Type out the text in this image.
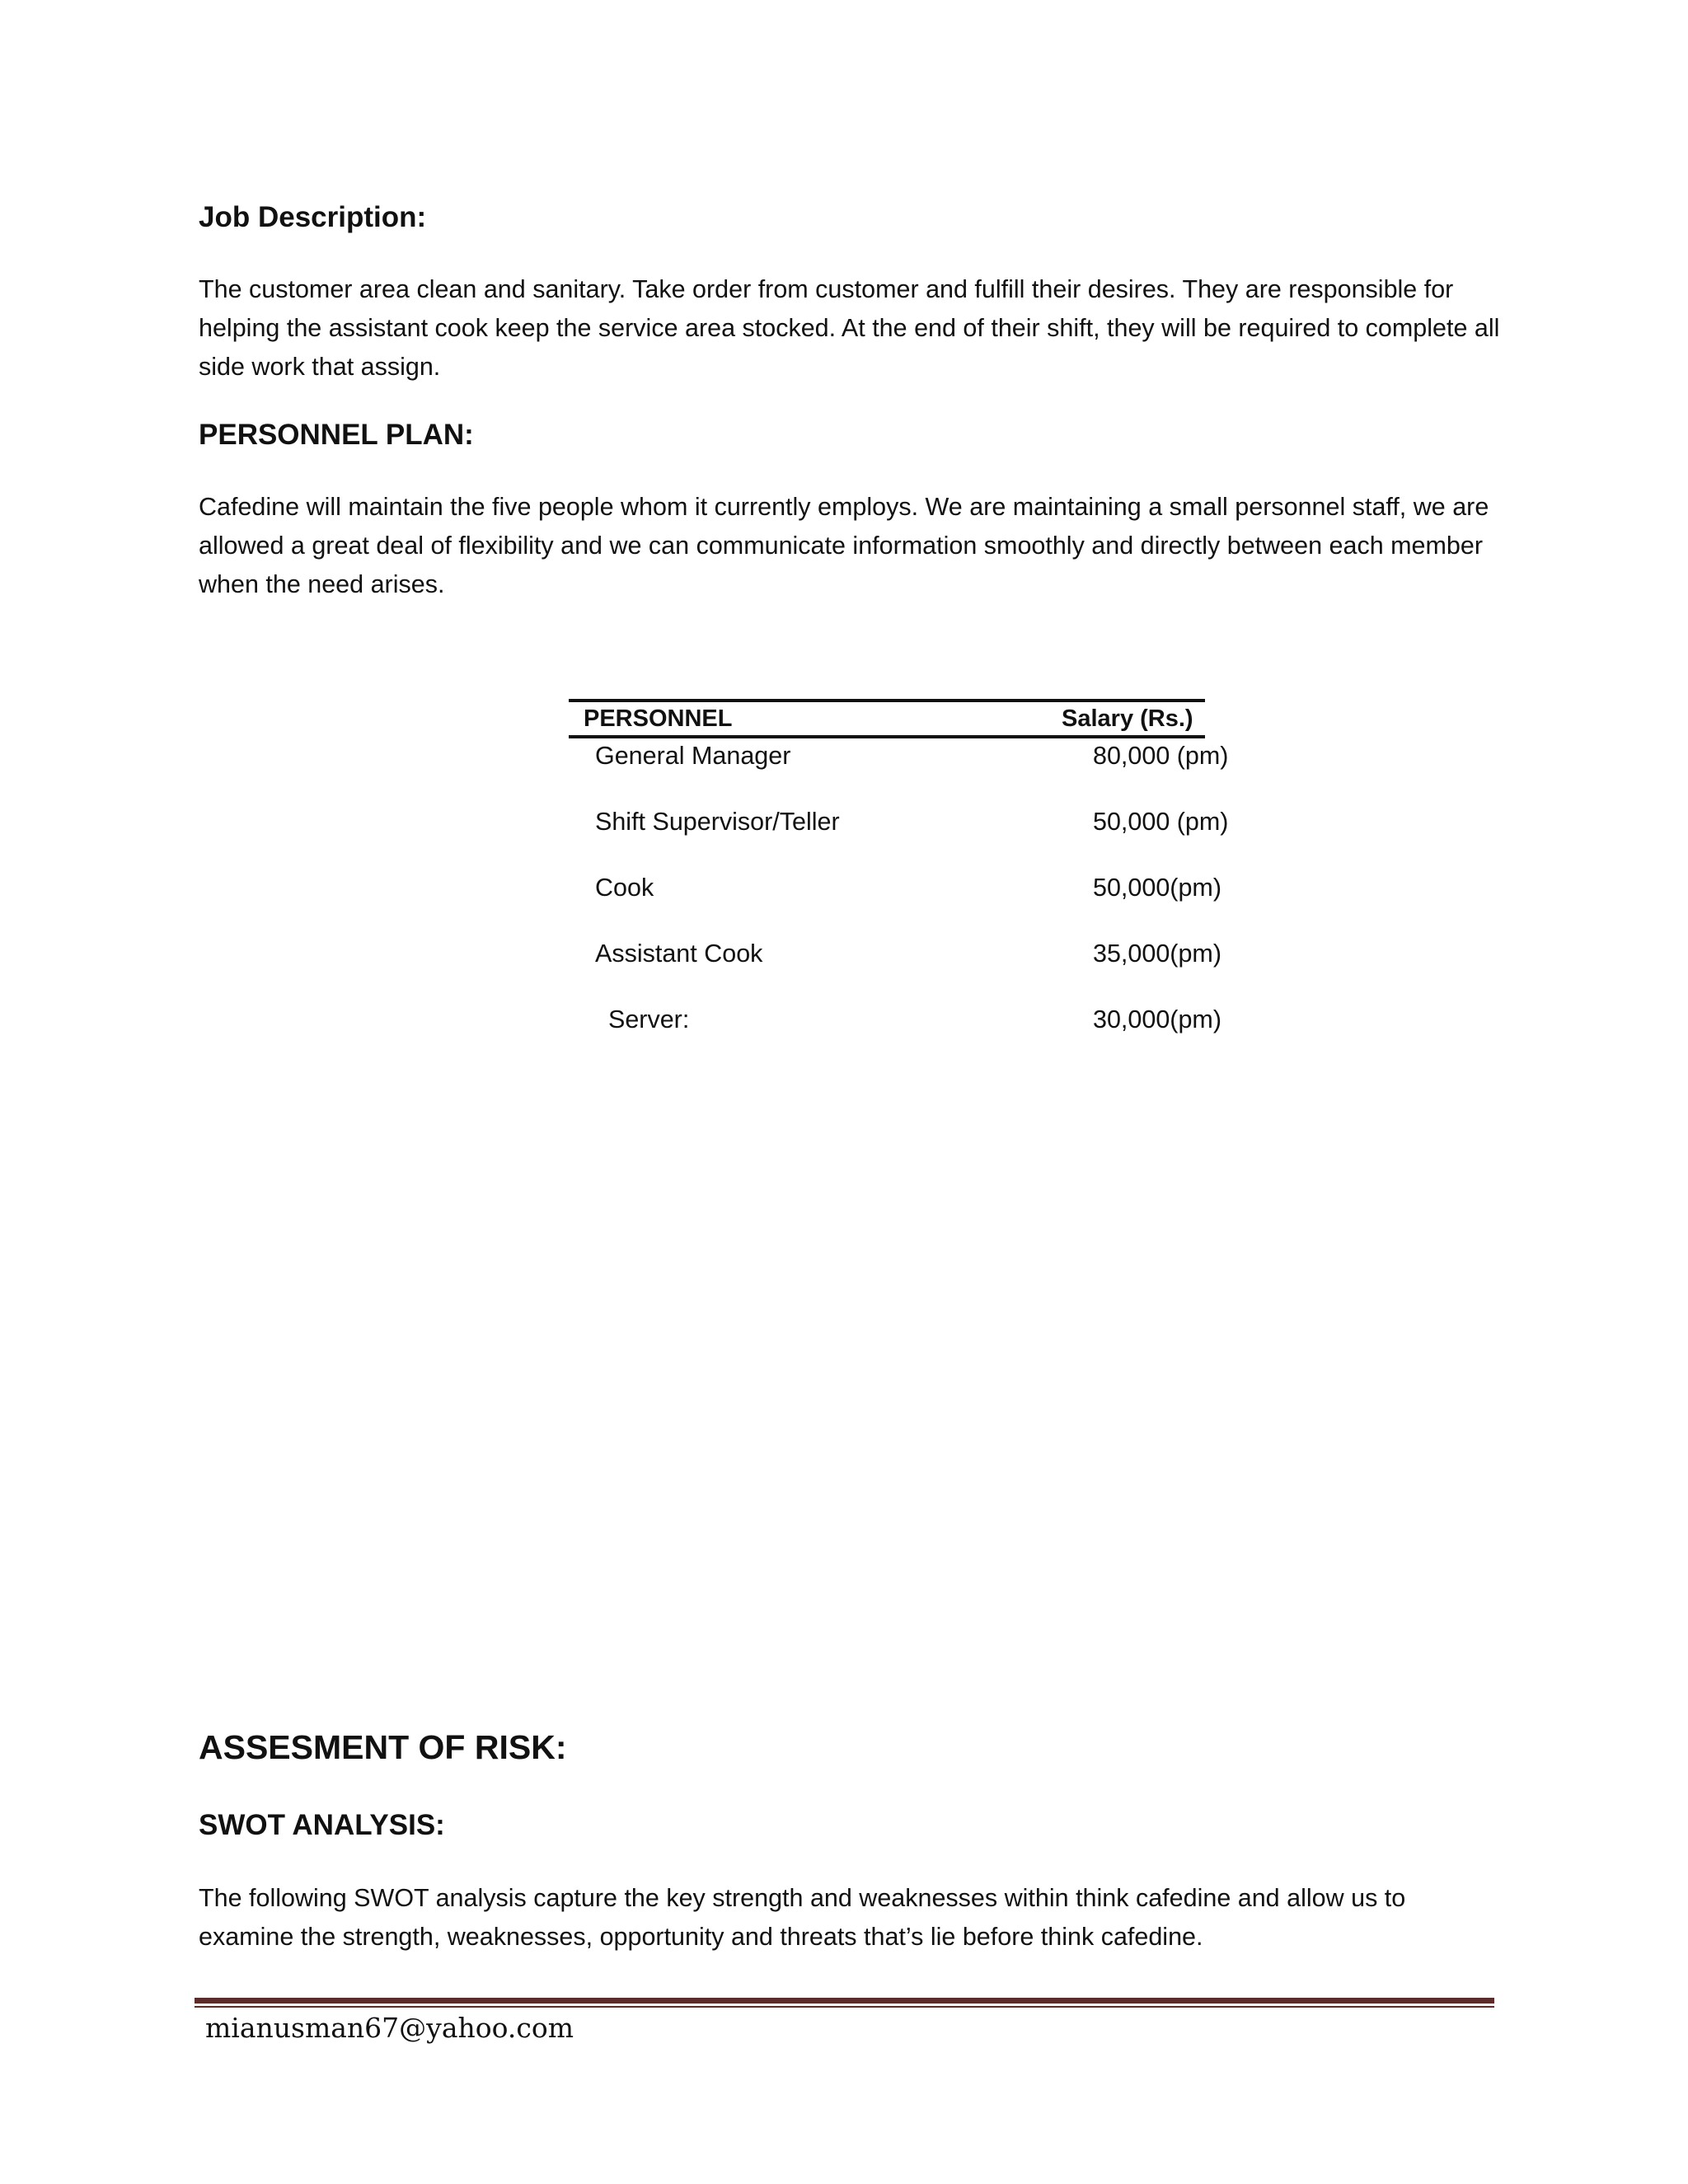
Job Description:

The customer area clean and sanitary. Take order from customer and fulfill their desires. They are responsible for helping the assistant cook keep the service area stocked. At the end of their shift, they will be required to complete all side work that assign.

PERSONNEL PLAN:

Cafedine will maintain the five people whom it currently employs. We are maintaining a small personnel staff, we are allowed a great deal of flexibility and we can communicate information smoothly and directly between each member when the need arises.

PERSONNEL	Salary (Rs.)
General Manager	80,000 (pm)
Shift Supervisor/Teller	50,000 (pm)
Cook	50,000(pm)
Assistant Cook	35,000(pm)
Server:	30,000(pm)
ASSESMENT OF RISK:
SWOT ANALYSIS:

The following SWOT analysis capture the key strength and weaknesses within think cafedine and allow us to examine the strength, weaknesses, opportunity and threats that’s lie before think cafedine.

mianusman67@yahoo.com
